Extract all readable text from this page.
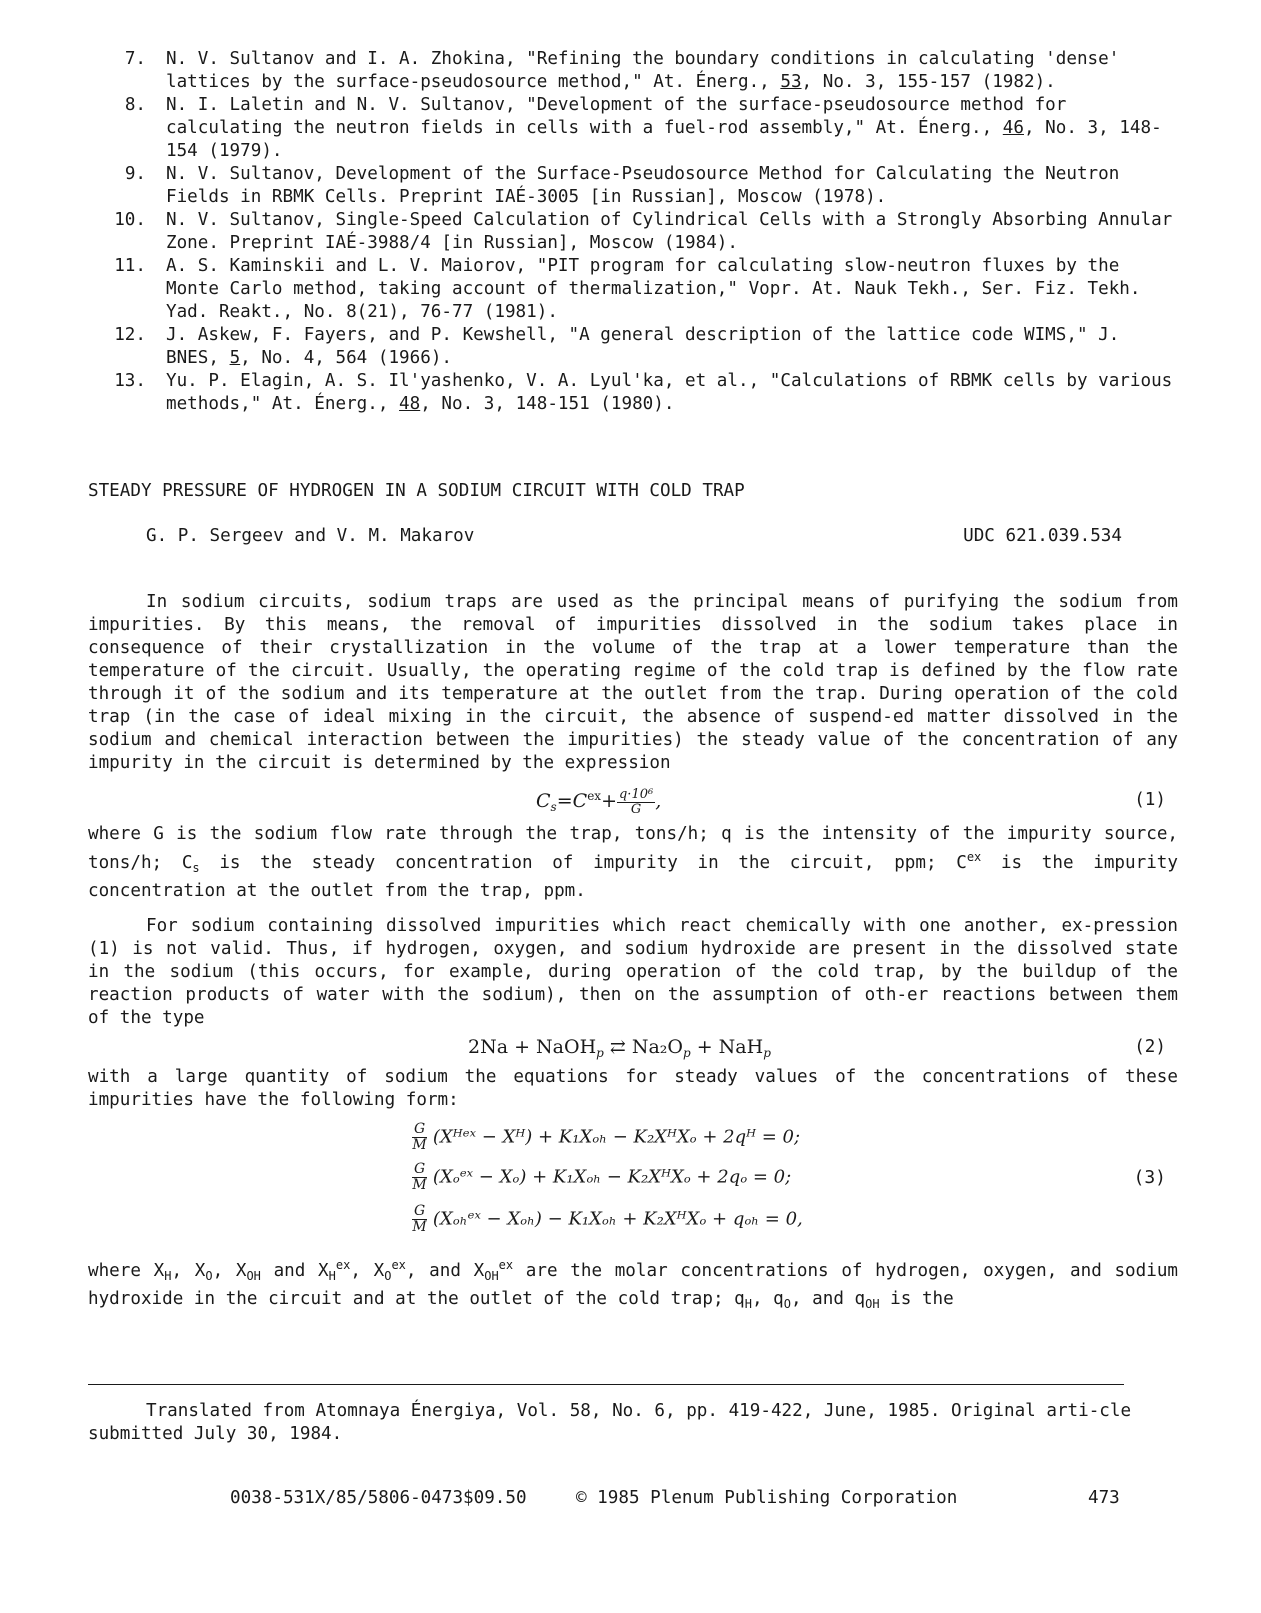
7.	N. V. Sultanov and I. A. Zhokina, "Refining the boundary conditions in calculating 'dense' lattices by the surface-pseudosource method," At. Énerg., 53, No. 3, 155-157 (1982).
8.	N. I. Laletin and N. V. Sultanov, "Development of the surface-pseudosource method for calculating the neutron fields in cells with a fuel-rod assembly," At. Énerg., 46, No. 3, 148-154 (1979).
9.	N. V. Sultanov, Development of the Surface-Pseudosource Method for Calculating the Neutron Fields in RBMK Cells. Preprint IAÉ-3005 [in Russian], Moscow (1978).
10.	N. V. Sultanov, Single-Speed Calculation of Cylindrical Cells with a Strongly Absorbing Annular Zone. Preprint IAÉ-3988/4 [in Russian], Moscow (1984).
11.	A. S. Kaminskii and L. V. Maiorov, "PIT program for calculating slow-neutron fluxes by the Monte Carlo method, taking account of thermalization," Vopr. At. Nauk Tekh., Ser. Fiz. Tekh. Yad. Reakt., No. 8(21), 76-77 (1981).
12.	J. Askew, F. Fayers, and P. Kewshell, "A general description of the lattice code WIMS," J. BNES, 5, No. 4, 564 (1966).
13.	Yu. P. Elagin, A. S. Il'yashenko, V. A. Lyul'ka, et al., "Calculations of RBMK cells by various methods," At. Énerg., 48, No. 3, 148-151 (1980).
STEADY PRESSURE OF HYDROGEN IN A SODIUM CIRCUIT WITH COLD TRAP
G. P. Sergeev and V. M. Makarov	UDC 621.039.534

In sodium circuits, sodium traps are used as the principal means of purifying the sodium from impurities. By this means, the removal of impurities dissolved in the sodium takes place in consequence of their crystallization in the volume of the trap at a lower temperature than the temperature of the circuit. Usually, the operating regime of the cold trap is defined by the flow rate through it of the sodium and its temperature at the outlet from the trap. During operation of the cold trap (in the case of ideal mixing in the circuit, the absence of suspend-ed matter dissolved in the sodium and chemical interaction between the impurities) the steady value of the concentration of any impurity in the circuit is determined by the expression

$C_s=C^{ex}+ \frac{\text{q·10⁶}}{G}$ ,	(1)

where G is the sodium flow rate through the trap, tons/h; q is the intensity of the impurity source, tons/h; $C_s$ is the steady concentration of impurity in the circuit, ppm; $C^{ex}$ is the impurity concentration at the outlet from the trap, ppm.

For sodium containing dissolved impurities which react chemically with one another, ex-pression (1) is not valid. Thus, if hydrogen, oxygen, and sodium hydroxide are present in the dissolved state in the sodium (this occurs, for example, during operation of the cold trap, by the buildup of the reaction products of water with the sodium), then on the assumption of oth-er reactions between them of the type

2Na + NaOH$_p$ ⇄ $Na_2O_p + NaH_p$	(2)

with a large quantity of sodium the equations for steady values of the concentrations of these impurities have the following form:

$\frac{G}{M}$ (Xᴴᵉˣ − Xᴴ) + K₁Xₒₕ − K₂XᴴXₒ + 2qᴴ = 0;
$\frac{G}{M}$ (Xₒᵉˣ − Xₒ) + K₁Xₒₕ − K₂XᴴXₒ + 2qₒ = 0;
$\frac{G}{M}$ (Xₒₕᵉˣ − Xₒₕ) − K₁Xₒₕ + K₂XᴴXₒ + qₒₕ = 0,
(3)

where $X_H$, $X_O$, $X_{OH}$ and $X_H^{ex}$, $X_O^{ex}$, and $X_{OH}^{ex}$ are the molar concentrations of hydrogen, oxygen, and sodium hydroxide in the circuit and at the outlet of the cold trap; $q_H$, $q_O$, and $q_{OH}$ is the

Translated from Atomnaya Énergiya, Vol. 58, No. 6, pp. 419-422, June, 1985. Original arti-cle submitted July 30, 1984.
0038-531X/85/5806-0473$09.50	© 1985 Plenum Publishing Corporation	473
